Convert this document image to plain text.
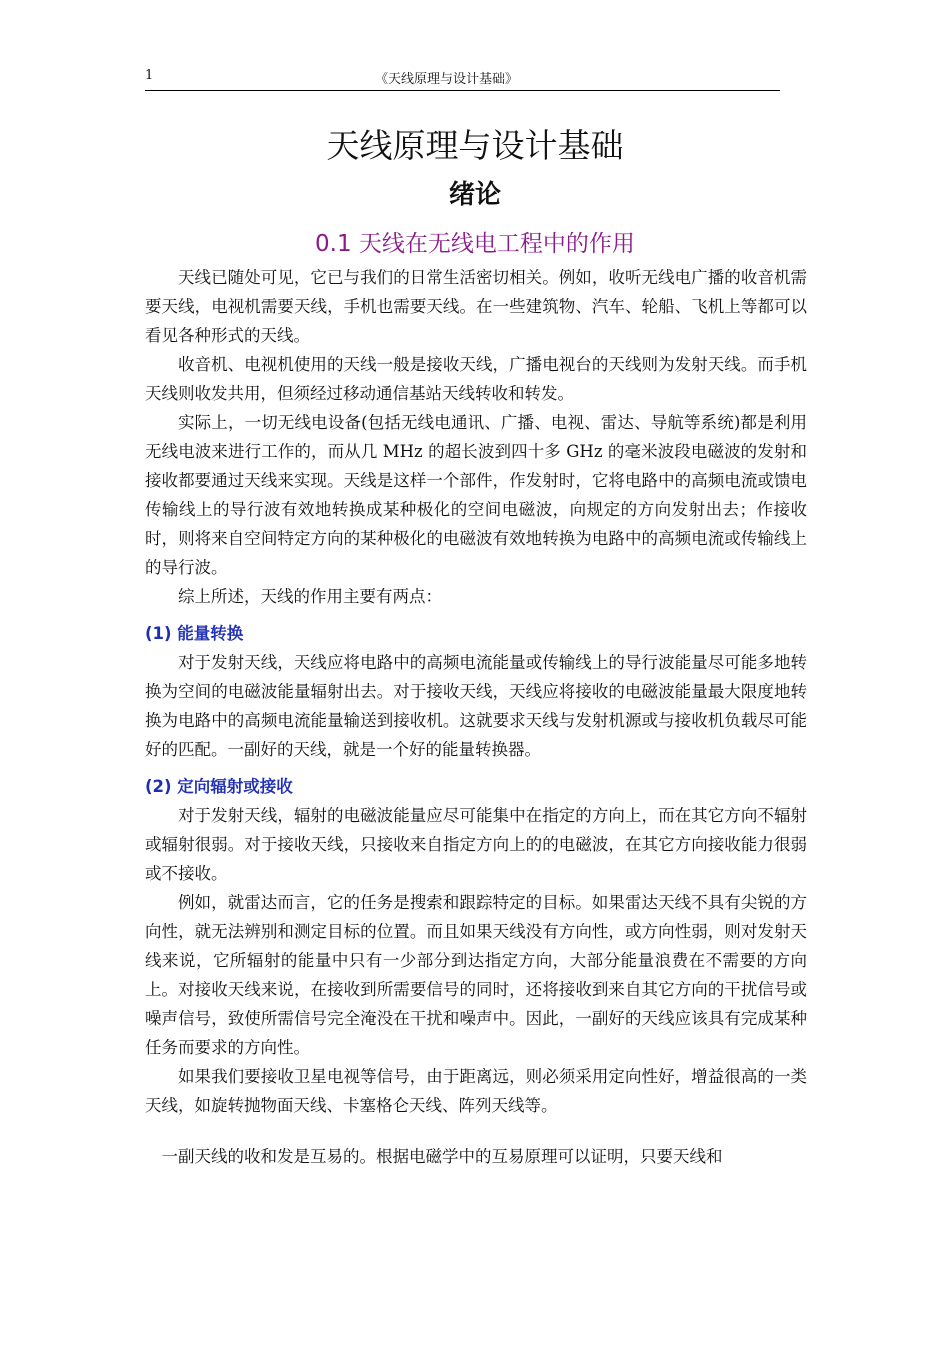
1	《天线原理与设计基础》
天线原理与设计基础
绪论
0.1 天线在无线电工程中的作用

天线已随处可见，它已与我们的日常生活密切相关。例如，收听无线电广播的收音机需要天线，电视机需要天线，手机也需要天线。在一些建筑物、汽车、轮船、飞机上等都可以看见各种形式的天线。

收音机、电视机使用的天线一般是接收天线，广播电视台的天线则为发射天线。而手机天线则收发共用，但须经过移动通信基站天线转收和转发。

实际上，一切无线电设备(包括无线电通讯、广播、电视、雷达、导航等系统)都是利用无线电波来进行工作的，而从几 MHz 的超长波到四十多 GHz 的毫米波段电磁波的发射和接收都要通过天线来实现。天线是这样一个部件，作发射时，它将电路中的高频电流或馈电传输线上的导行波有效地转换成某种极化的空间电磁波，向规定的方向发射出去；作接收时，则将来自空间特定方向的某种极化的电磁波有效地转换为电路中的高频电流或传输线上的导行波。

综上所述，天线的作用主要有两点：

(1) 能量转换

对于发射天线，天线应将电路中的高频电流能量或传输线上的导行波能量尽可能多地转换为空间的电磁波能量辐射出去。对于接收天线，天线应将接收的电磁波能量最大限度地转换为电路中的高频电流能量输送到接收机。这就要求天线与发射机源或与接收机负载尽可能好的匹配。一副好的天线，就是一个好的能量转换器。

(2) 定向辐射或接收

对于发射天线，辐射的电磁波能量应尽可能集中在指定的方向上，而在其它方向不辐射或辐射很弱。对于接收天线，只接收来自指定方向上的的电磁波，在其它方向接收能力很弱或不接收。

例如，就雷达而言，它的任务是搜索和跟踪特定的目标。如果雷达天线不具有尖锐的方向性，就无法辨别和测定目标的位置。而且如果天线没有方向性，或方向性弱，则对发射天线来说，它所辐射的能量中只有一少部分到达指定方向，大部分能量浪费在不需要的方向上。对接收天线来说，在接收到所需要信号的同时，还将接收到来自其它方向的干扰信号或噪声信号，致使所需信号完全淹没在干扰和噪声中。因此，一副好的天线应该具有完成某种任务而要求的方向性。

如果我们要接收卫星电视等信号，由于距离远，则必须采用定向性好，增益很高的一类天线，如旋转抛物面天线、卡塞格仑天线、阵列天线等。

一副天线的收和发是互易的。根据电磁学中的互易原理可以证明，只要天线和
